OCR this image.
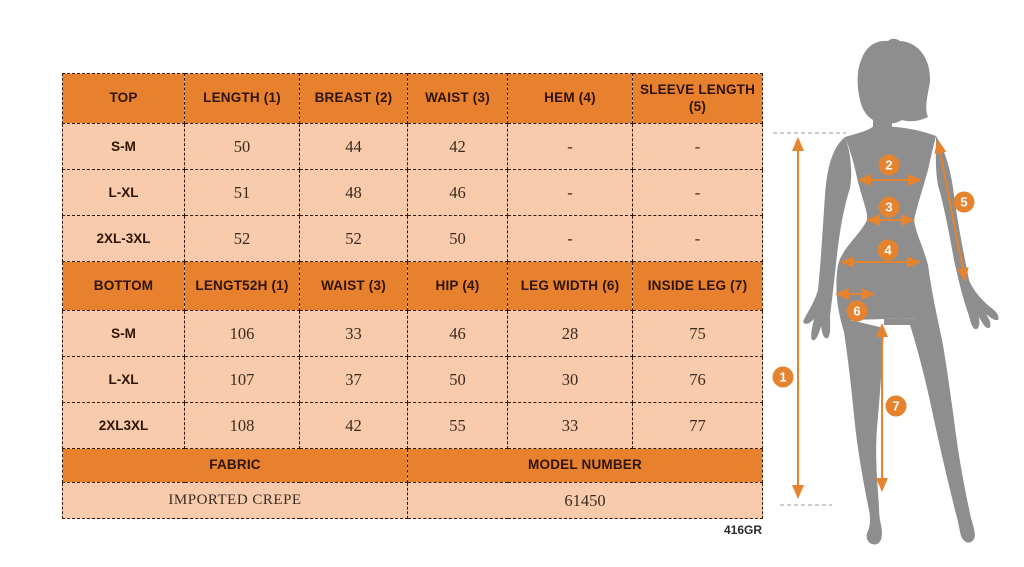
TOP	LENGTH (1)	BREAST (2)	WAIST (3)	HEM (4)	SLEEVE LENGTH (5)
S-M	50	44	42	-	-
L-XL	51	48	46	-	-
2XL-3XL	52	52	50	-	-
BOTTOM	LENGT52H (1)	WAIST (3)	HIP (4)	LEG WIDTH (6)	INSIDE LEG (7)
S-M	106	33	46	28	75
L-XL	107	37	50	30	76
2XL3XL	108	42	55	33	77
FABRIC			MODEL NUMBER		
IMPORTED CREPE			61450		
416GR
1
2
3
4
5
6
7
